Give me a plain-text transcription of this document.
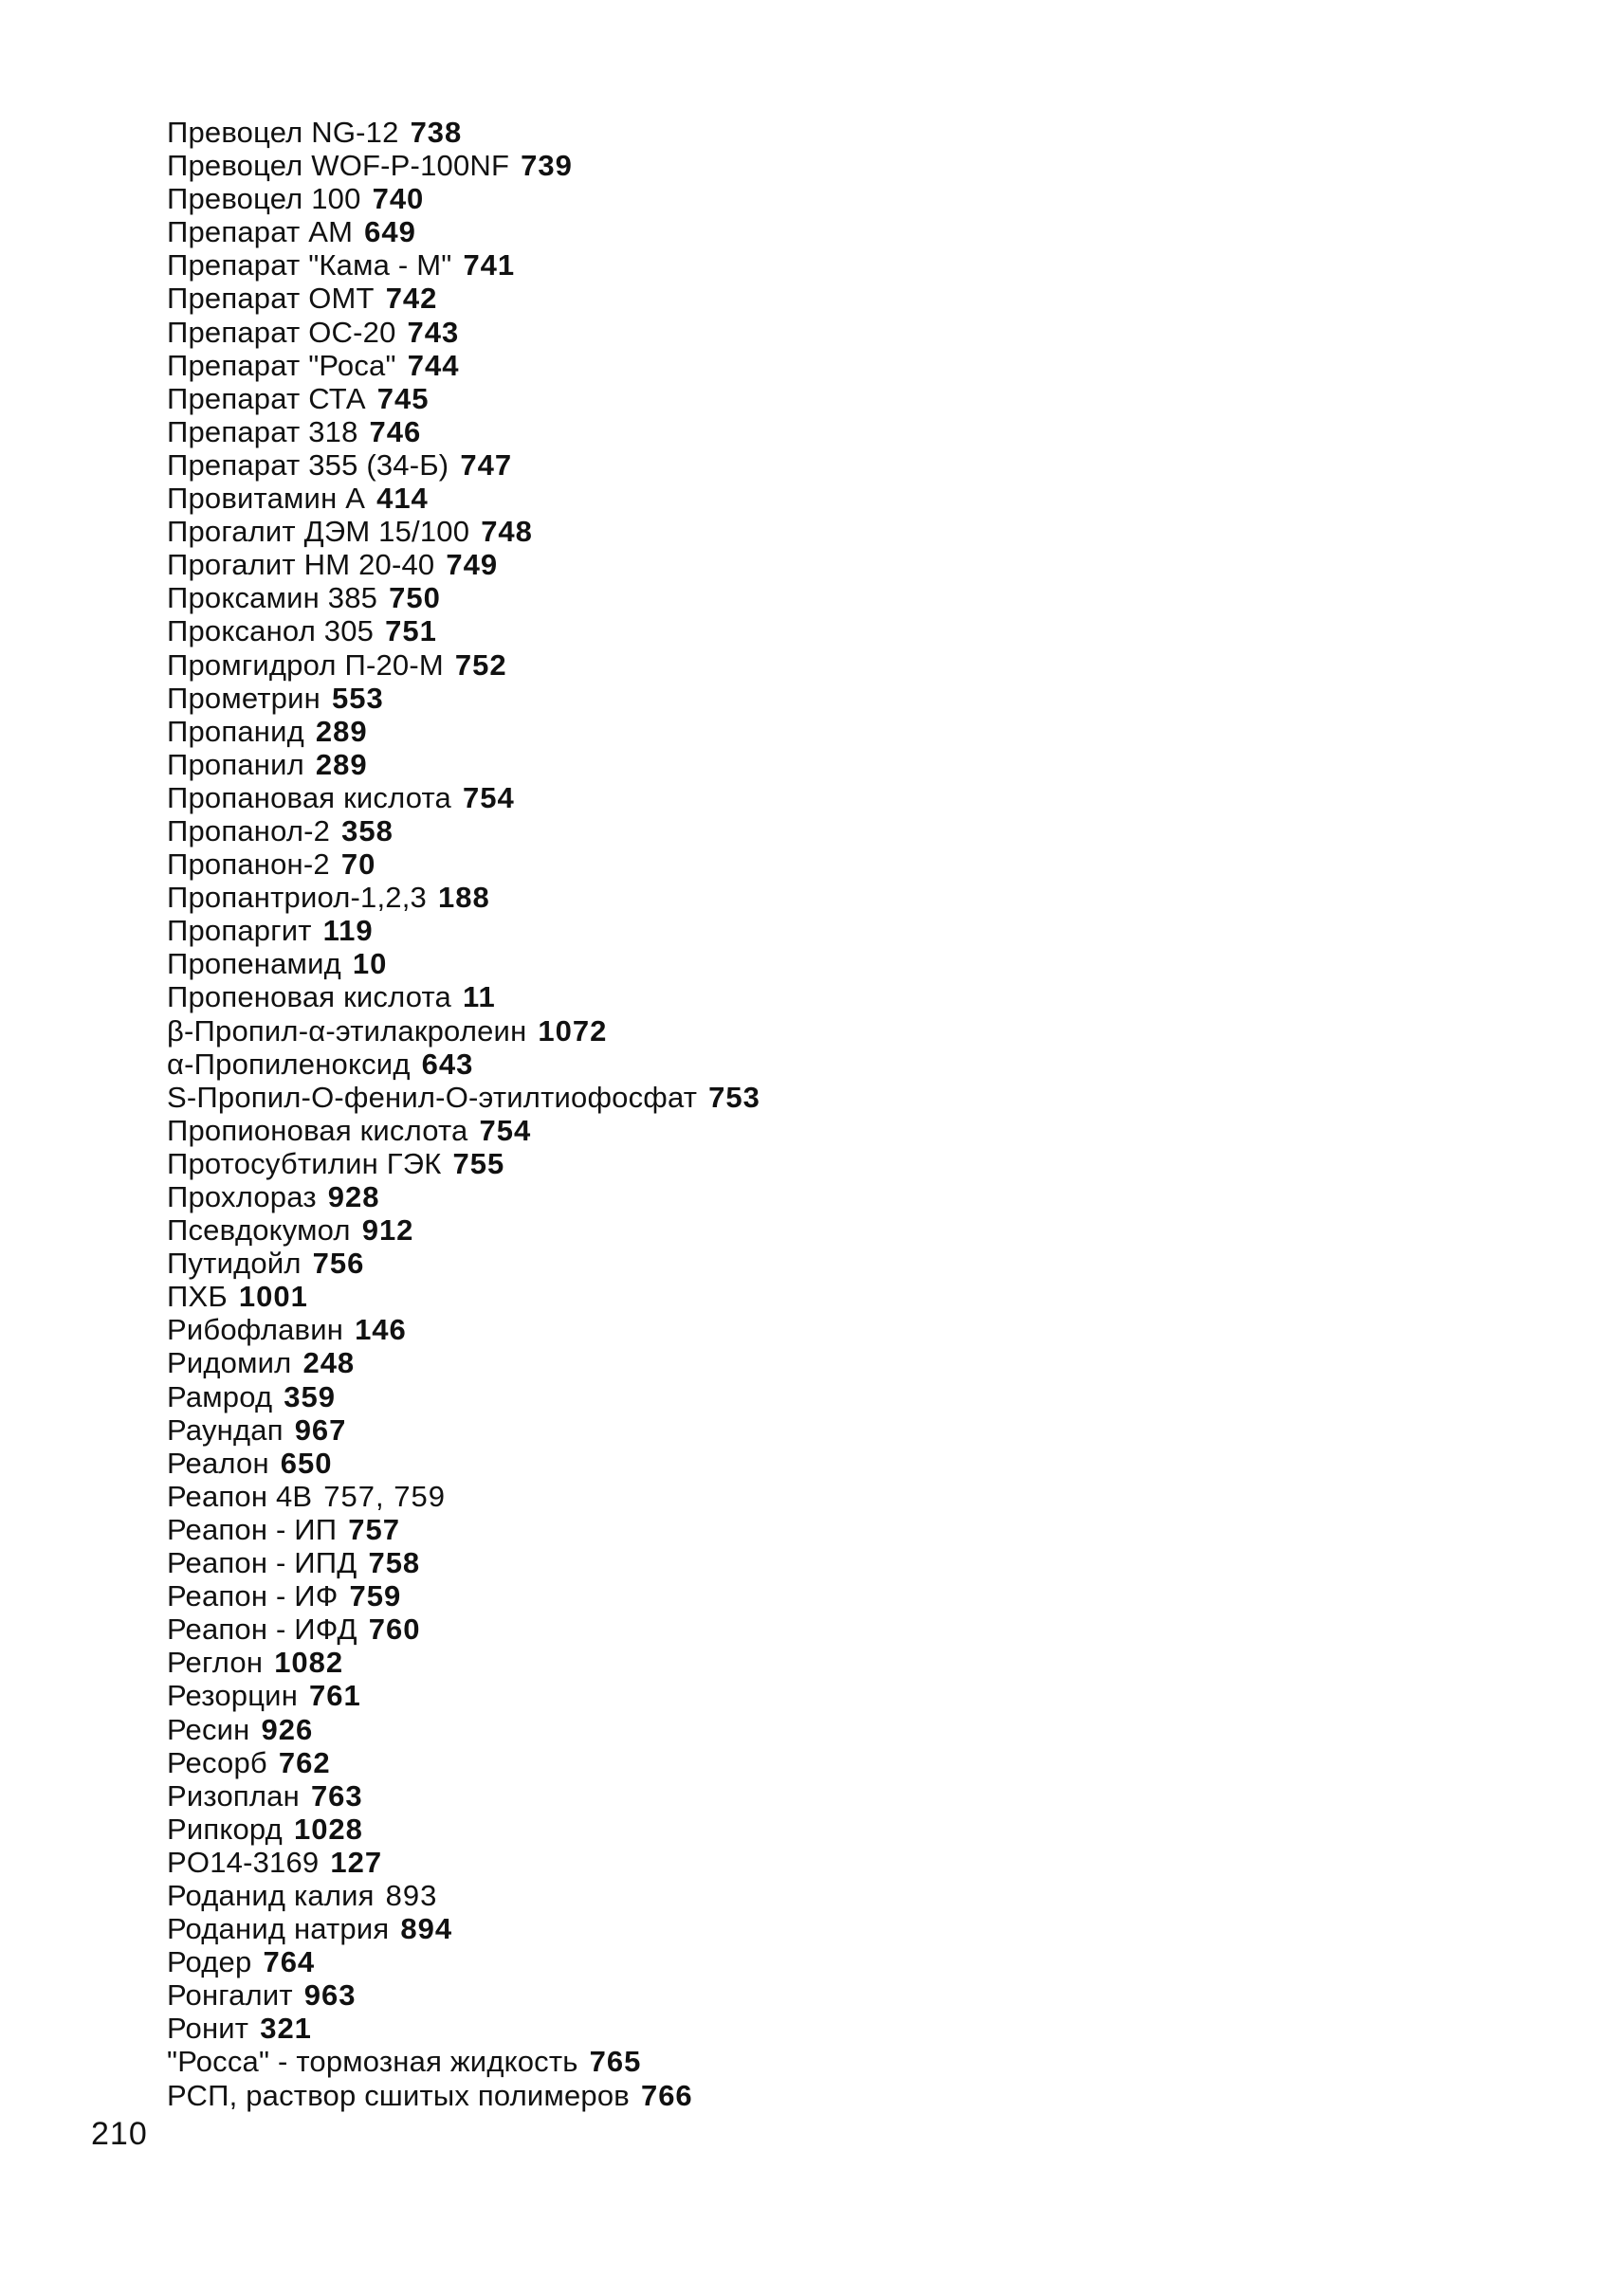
Превоцел NG-12 738
Превоцел WOF-P-100NF 739
Превоцел 100 740
Препарат АМ 649
Препарат "Кама - М" 741
Препарат ОМТ 742
Препарат ОС-20 743
Препарат "Роса" 744
Препарат СТА 745
Препарат 318 746
Препарат 355 (34-Б) 747
Провитамин А 414
Прогалит ДЭМ 15/100 748
Прогалит НМ 20-40 749
Проксамин 385 750
Проксанол 305 751
Промгидрол П-20-М 752
Прометрин 553
Пропанид 289
Пропанил 289
Пропановая кислота 754
Пропанол-2 358
Пропанон-2 70
Пропантриол-1,2,3 188
Пропаргит 119
Пропенамид 10
Пропеновая кислота 11
β-Пропил-α-этилакролеин 1072
α-Пропиленоксид 643
S-Пропил-О-фенил-О-этилтиофосфат 753
Пропионовая кислота 754
Протосубтилин ГЭК 755
Прохлораз 928
Псевдокумол 912
Путидойл 756
ПХБ 1001
Рибофлавин 146
Ридомил 248
Рамрод 359
Раундап 967
Реалон 650
Реапон 4В 757, 759
Реапон - ИП 757
Реапон - ИПД 758
Реапон - ИФ 759
Реапон - ИФД 760
Реглон 1082
Резорцин 761
Ресин 926
Ресорб 762
Ризоплан 763
Рипкорд 1028
PO14-3169 127
Роданид калия 893
Роданид натрия 894
Родер 764
Ронгалит 963
Ронит 321
"Росса" - тормозная жидкость 765
РСП, раствор сшитых полимеров 766
210
